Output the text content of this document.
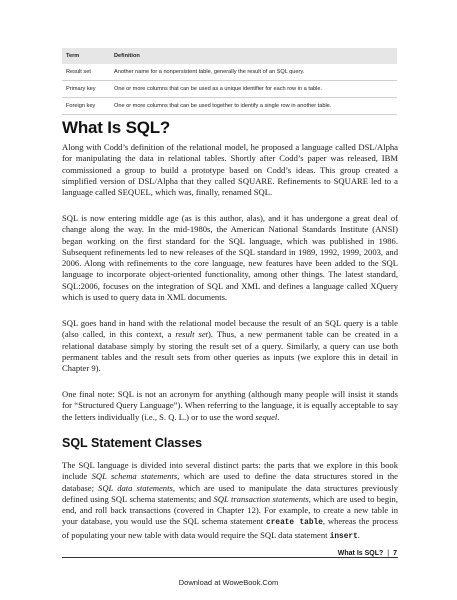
Term	Definition
Result set	Another name for a nonpersistent table, generally the result of an SQL query.
Primary key	One or more columns that can be used as a unique identifier for each row in a table.
Foreign key	One or more columns that can be used together to identify a single row in another table.
What Is SQL?

Along with Codd’s definition of the relational model, he proposed a language called DSL/Alpha for manipulating the data in relational tables. Shortly after Codd’s paper was released, IBM commissioned a group to build a prototype based on Codd’s ideas. This group created a simplified version of DSL/Alpha that they called SQUARE. Refinements to SQUARE led to a language called SEQUEL, which was, finally, renamed SQL.

SQL is now entering middle age (as is this author, alas), and it has undergone a great deal of change along the way. In the mid-1980s, the American National Standards Institute (ANSI) began working on the first standard for the SQL language, which was published in 1986. Subsequent refinements led to new releases of the SQL standard in 1989, 1992, 1999, 2003, and 2006. Along with refinements to the core language, new features have been added to the SQL language to incorporate object-oriented functionality, among other things. The latest standard, SQL:2006, focuses on the integration of SQL and XML and defines a language called XQuery which is used to query data in XML documents.

SQL goes hand in hand with the relational model because the result of an SQL query is a table (also called, in this context, a result set). Thus, a new permanent table can be created in a relational database simply by storing the result set of a query. Similarly, a query can use both permanent tables and the result sets from other queries as inputs (we explore this in detail in Chapter 9).

One final note: SQL is not an acronym for anything (although many people will insist it stands for “Structured Query Language”). When referring to the language, it is equally acceptable to say the letters individually (i.e., S. Q. L.) or to use the word sequel.

SQL Statement Classes

The SQL language is divided into several distinct parts: the parts that we explore in this book include SQL schema statements, which are used to define the data structures stored in the database; SQL data statements, which are used to manipulate the data structures previously defined using SQL schema statements; and SQL transaction statements, which are used to begin, end, and roll back transactions (covered in Chapter 12). For example, to create a new table in your database, you would use the SQL schema statement create table, whereas the process of populating your new table with data would require the SQL data statement insert.

What Is SQL? | 7
Download at WoweBook.Com
